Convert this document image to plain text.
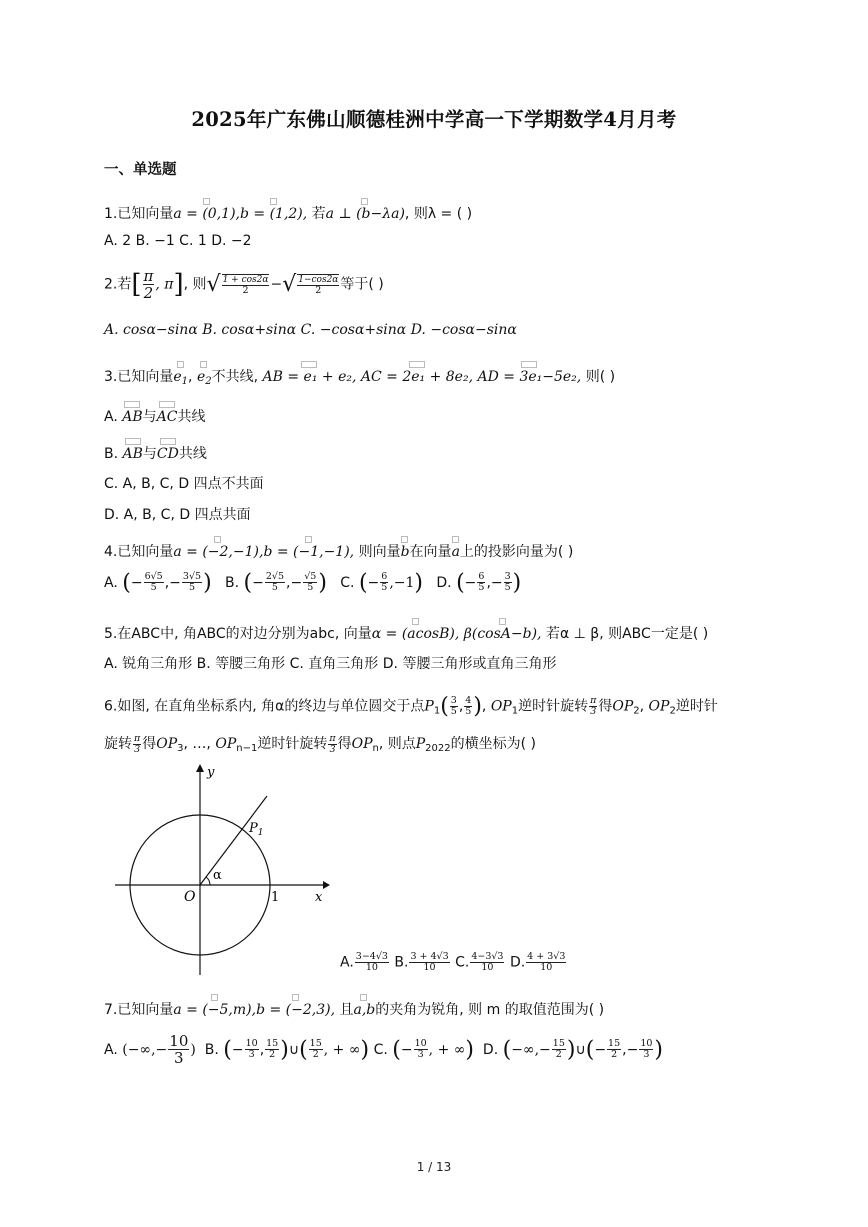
2025年广东佛山顺德桂洲中学高一下学期数学4月月考
一、单选题
1.已知向量a = (0,1),b = (1,2), 若a ⊥ (b−λa), 则λ = ( )
A. 2 B. −1 C. 1 D. −2
2.若[ $\frac{\pi}{2}$ , π], 则√ $\frac{1 + \cos 2\alpha}{2}$ −√ $\frac{1-\cos 2\alpha}{2}$ 等于( )
A. cosα−sinα B. cosα+sinα C. −cosα+sinα D. −cosα−sinα
3.已知向量$e_1$, $e_2$不共线, AB = e₁ + e₂, AC = 2e₁ + 8e₂, AD = 3e₁−5e₂, 则( )
A. AB与AC共线
B. AB与CD共线
C. A, B, C, D 四点不共面
D. A, B, C, D 四点共面
4.已知向量a = (−2,−1),b = (−1,−1), 则向量b在向量a上的投影向量为( )
A. (− $\frac{6√5}{5}$ ,− $\frac{3√5}{5}$ ) B. (− $\frac{2√5}{5}$ ,− $\frac{√5}{5}$ ) C. (− $\frac{6}{5} ,-1$) D. (− $\frac{6}{5}$ ,− $\frac{3}{5}$ )
5.在ABC中, 角ABC的对边分别为abc, 向量α = (acosB), β(cosA−b), 若α ⊥ β, 则ABC一定是( )
A. 锐角三角形 B. 等腰三角形 C. 直角三角形 D. 等腰三角形或直角三角形
6.如图, 在直角坐标系内, 角α的终边与单位圆交于点$P_1( \frac{3}{5}$ , $\frac{4}{5}$ ), $OP_1$逆时针旋转 $\frac{\pi}{3}$ 得$OP_2$, $OP_2$逆时针
旋转 $\frac{\pi}{3}$ 得$OP_3$, …, $OP_{n-1}$逆时针旋转 $\frac{\pi}{3}$ 得$OP_n$, 则点$P_{2022}$的横坐标为( )
y
x
O	1
α
$P_1$
A. $\frac{3-4√3}{10} B$. $\frac{3 + 4√3}{10} C$. $\frac{4-3√3}{10} D$. $\frac{4 + 3√3}{10}$
7.已知向量a = (−5,m),b = (−2,3), 且a,b的夹角为锐角, 则 m 的取值范围为( )
A. (−∞,− $\frac{10}{3}$ ) B. (− $\frac{10}{3}$ , $\frac{15}{2}$ )∪( $\frac{15}{2}$ , + ∞) C. (− $\frac{10}{3}$ , + ∞) D. (−∞,− $\frac{15}{2}$ )∪(− $\frac{15}{2}$ ,− $\frac{10}{3}$ )
1 / 13
